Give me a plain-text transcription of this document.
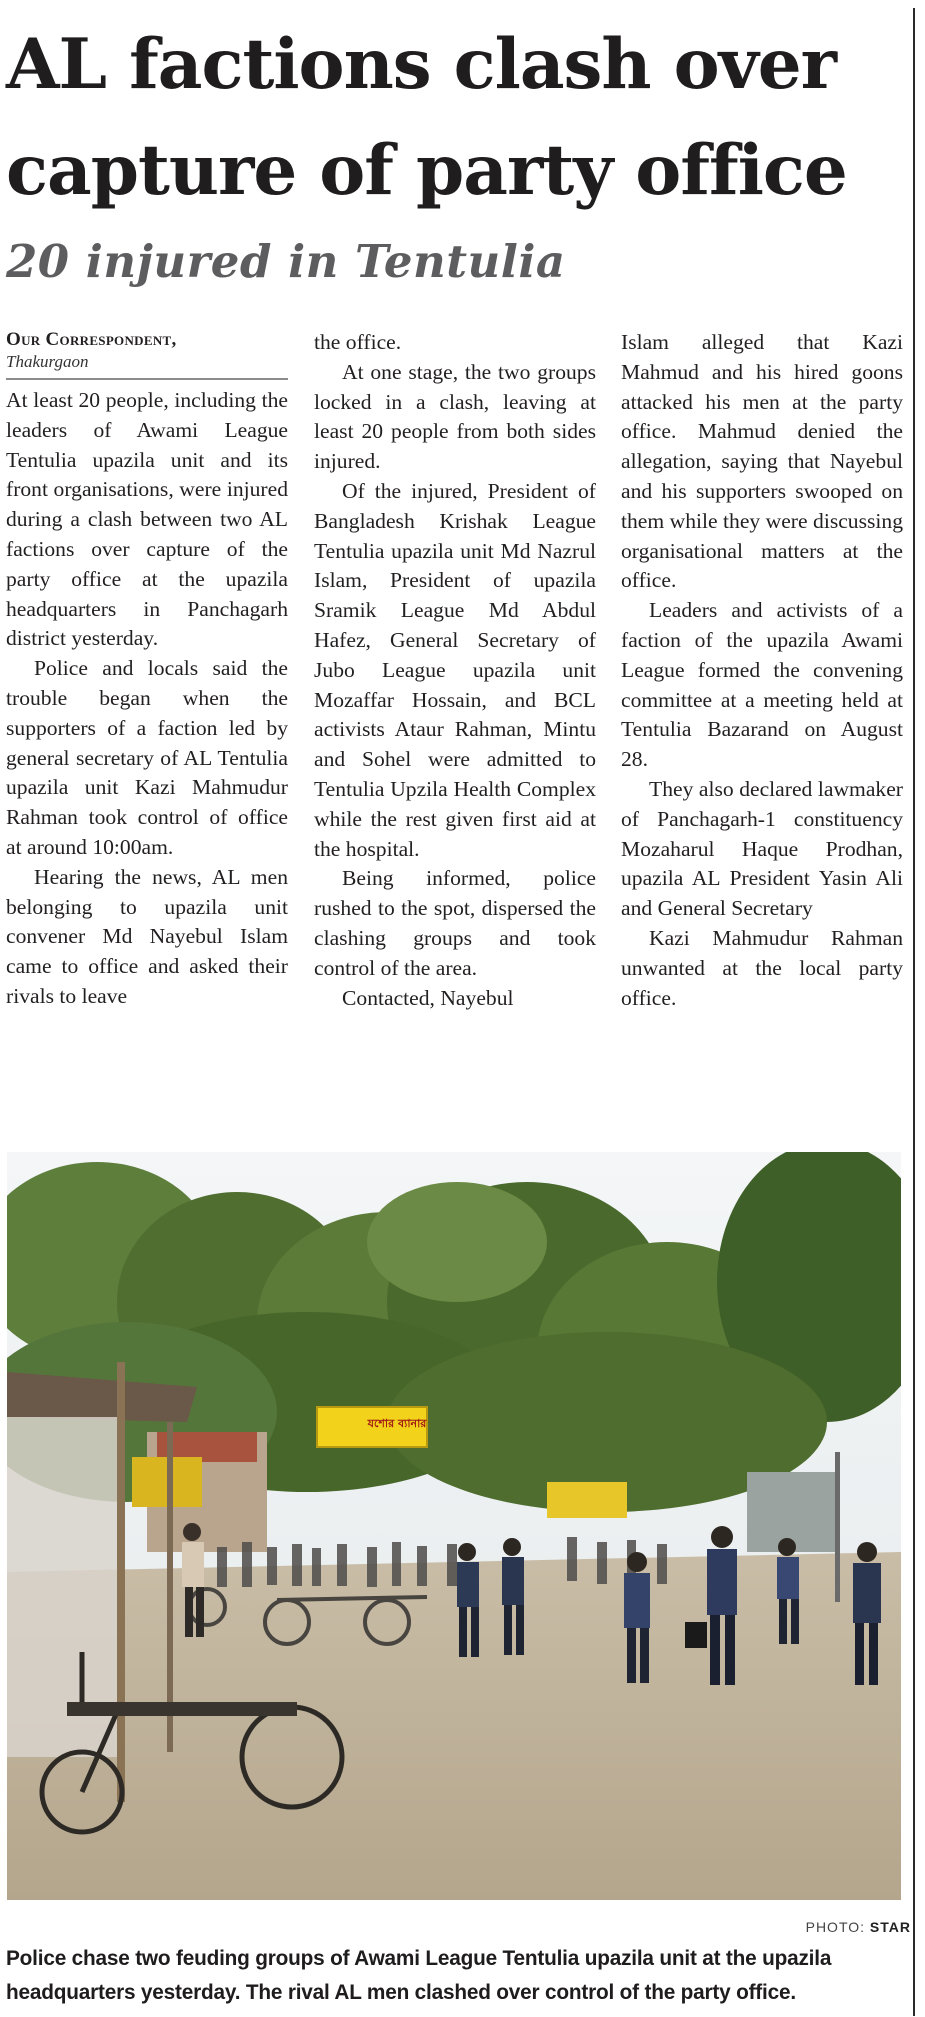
AL factions clash over
capture of party office
20 injured in Tentulia
Our Correspondent,
Thakurgaon

At least 20 people, including the leaders of Awami League Tentulia upazila unit and its front organisations, were injured during a clash between two AL factions over capture of the party office at the upazila headquarters in Panchagarh district yesterday.

Police and locals said the trouble began when the supporters of a faction led by general secretary of AL Tentulia upazila unit Kazi Mahmudur Rahman took control of office at around 10:00am.

Hearing the news, AL men belonging to upazila unit convener Md Nayebul Islam came to office and asked their rivals to leave

the office.

At one stage, the two groups locked in a clash, leaving at least 20 people from both sides injured.

Of the injured, President of Bangladesh Krishak League Tentulia upazila unit Md Nazrul Islam, President of upazila Sramik League Md Abdul Hafez, General Secretary of Jubo League upazila unit Mozaffar Hossain, and BCL activists Ataur Rahman, Mintu and Sohel were admitted to Tentulia Upzila Health Complex while the rest given first aid at the hospital.

Being informed, police rushed to the spot, dispersed the clashing groups and took control of the area.

Contacted, Nayebul

Islam alleged that Kazi Mahmud and his hired goons attacked his men at the party office. Mahmud denied the allegation, saying that Nayebul and his supporters swooped on them while they were discussing organisational matters at the office.

Leaders and activists of a faction of the upazila Awami League formed the convening committee at a meeting held at Tentulia Bazarand on August 28.

They also declared lawmaker of Panchagarh-1 constituency Mozaharul Haque Prodhan, upazila AL President Yasin Ali and General Secretary

Kazi Mahmudur Rahman unwanted at the local party office.

যশোর ব্যানার
PHOTO: STAR
Police chase two feuding groups of Awami League Tentulia upazila unit at the upazila headquarters yesterday. The rival AL men clashed over control of the party office.
